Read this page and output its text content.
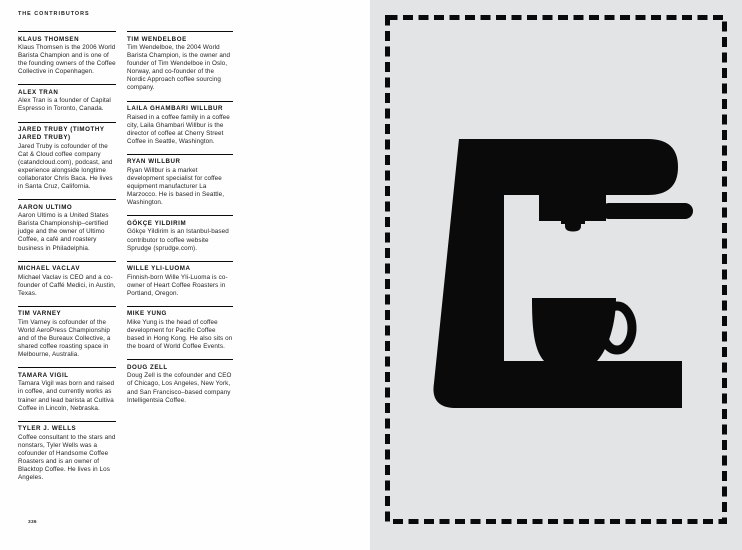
THE CONTRIBUTORS
KLAUS THOMSEN

Klaus Thomsen is the 2006 World Barista Champion and is one of the founding owners of the Coffee Collective in Copenhagen.

ALEX TRAN

Alex Tran is a founder of Capital Espresso in Toronto, Canada.

JARED TRUBY (TIMOTHY JARED TRUBY)

Jared Truby is cofounder of the Cat & Cloud coffee company (catandcloud.com), podcast, and experience alongside longtime collaborator Chris Baca. He lives in Santa Cruz, California.

AARON ULTIMO

Aaron Ultimo is a United States Barista Championship–certified judge and the owner of Ultimo Coffee, a café and roastery business in Philadelphia.

MICHAEL VACLAV

Michael Vaclav is CEO and a co-founder of Caffé Medici, in Austin, Texas.

TIM VARNEY

Tim Varney is cofounder of the World AeroPress Championship and of the Bureaux Collective, a shared coffee roasting space in Melbourne, Australia.

TAMARA VIGIL

Tamara Vigil was born and raised in coffee, and currently works as trainer and lead barista at Cultiva Coffee in Lincoln, Nebraska.

TYLER J. WELLS

Coffee consultant to the stars and nonstars, Tyler Wells was a cofounder of Handsome Coffee Roasters and is an owner of Blacktop Coffee. He lives in Los Angeles.

TIM WENDELBOE

Tim Wendelboe, the 2004 World Barista Champion, is the owner and founder of Tim Wendelboe in Oslo, Norway, and co-founder of the Nordic Approach coffee sourcing company.

LAILA GHAMBARI WILLBUR

Raised in a coffee family in a coffee city, Laila Ghambari Willbur is the director of coffee at Cherry Street Coffee in Seattle, Washington.

RYAN WILLBUR

Ryan Willbur is a market development specialist for coffee equipment manufacturer La Marzocco. He is based in Seattle, Washington.

GÖKÇE YILDIRIM

Gökçe Yildirim is an Istanbul-based contributor to coffee website Sprudge (sprudge.com).

WILLE YLI-LUOMA

Finnish-born Wille Yli-Luoma is co-owner of Heart Coffee Roasters in Portland, Oregon.

MIKE YUNG

Mike Yung is the head of coffee development for Pacific Coffee based in Hong Kong. He also sits on the board of World Coffee Events.

DOUG ZELL

Doug Zell is the cofounder and CEO of Chicago, Los Angeles, New York, and San Francisco–based company Intelligentsia Coffee.

336
